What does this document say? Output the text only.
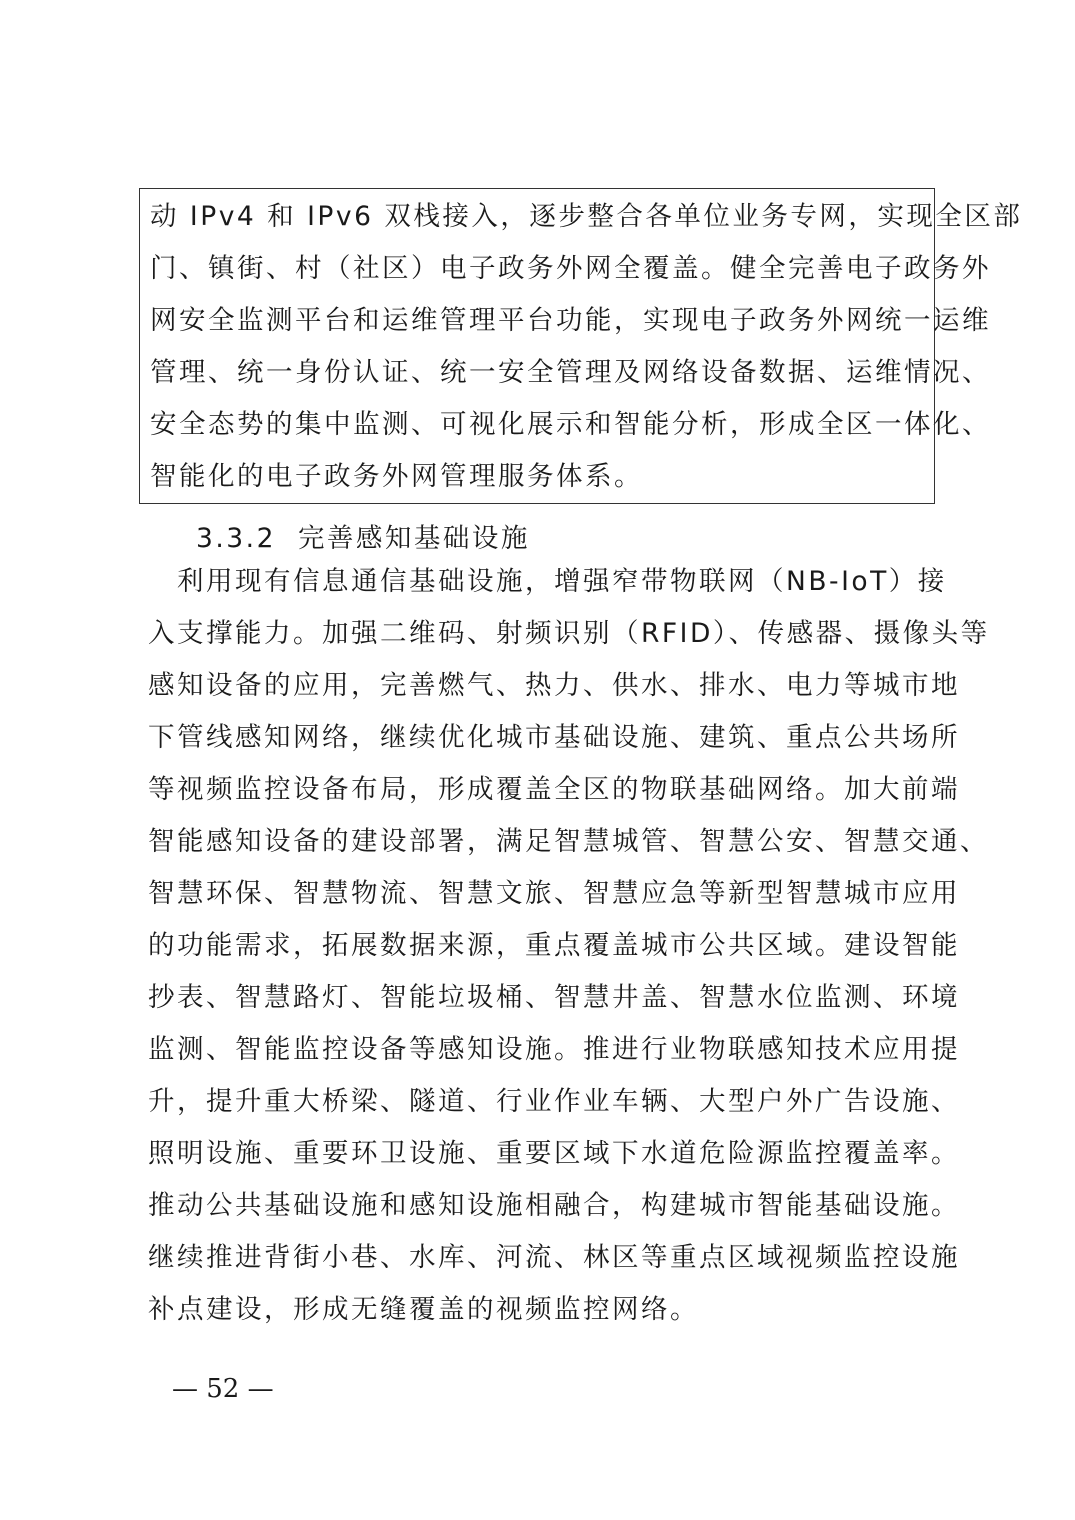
动 IPv4 和 IPv6 双栈接入，逐步整合各单位业务专网，实现全区部
门、镇街、村（社区）电子政务外网全覆盖。健全完善电子政务外
网安全监测平台和运维管理平台功能，实现电子政务外网统一运维
管理、统一身份认证、统一安全管理及网络设备数据、运维情况、
安全态势的集中监测、可视化展示和智能分析，形成全区一体化、
智能化的电子政务外网管理服务体系。
3.3.2 完善感知基础设施
　利用现有信息通信基础设施，增强窄带物联网（NB-IoT）接
入支撑能力。加强二维码、射频识别（RFID）、传感器、摄像头等
感知设备的应用，完善燃气、热力、供水、排水、电力等城市地
下管线感知网络，继续优化城市基础设施、建筑、重点公共场所
等视频监控设备布局，形成覆盖全区的物联基础网络。加大前端
智能感知设备的建设部署，满足智慧城管、智慧公安、智慧交通、
智慧环保、智慧物流、智慧文旅、智慧应急等新型智慧城市应用
的功能需求，拓展数据来源，重点覆盖城市公共区域。建设智能
抄表、智慧路灯、智能垃圾桶、智慧井盖、智慧水位监测、环境
监测、智能监控设备等感知设施。推进行业物联感知技术应用提
升，提升重大桥梁、隧道、行业作业车辆、大型户外广告设施、
照明设施、重要环卫设施、重要区域下水道危险源监控覆盖率。
推动公共基础设施和感知设施相融合，构建城市智能基础设施。
继续推进背街小巷、水库、河流、林区等重点区域视频监控设施
补点建设，形成无缝覆盖的视频监控网络。
— 52 —
